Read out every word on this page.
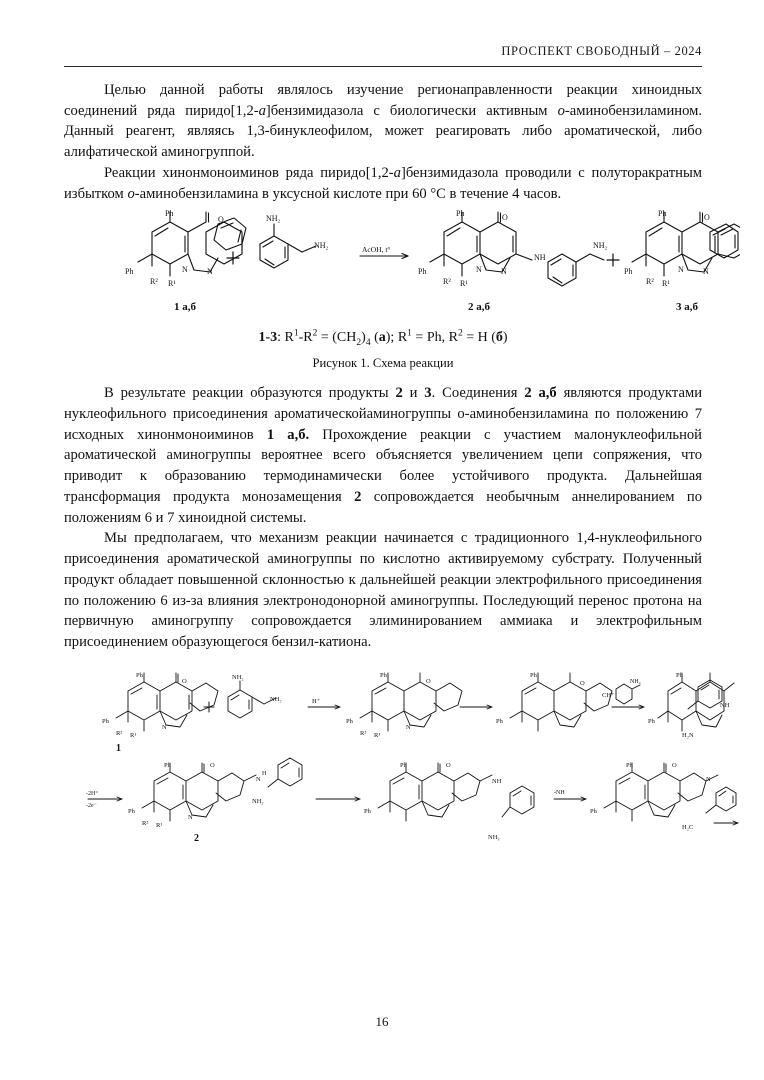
ПРОСПЕКТ СВОБОДНЫЙ – 2024

Целью данной работы являлось изучение регионаправленности реакции хиноидных соединений ряда пиридо[1,2-a]бензимидазола с биологически активным о-аминобензиламином. Данный реагент, являясь 1,3-бинуклеофилом, может реагировать либо ароматической, либо алифатической аминогруппой.

Реакции хинонмоноиминов ряда пиридо[1,2-a]бензимидазола проводили с полуторакратным избытком о-аминобензиламина в уксусной кислоте при 60 °С в течение 4 часов.

Ph
Ph
R¹
R²
N N
O	NH₂
NH₂	AcOH, t°
Ph
Ph
R¹
R²
N N
O
NH
NH₂
Ph
Ph
R¹
R²
N N
O
1 а,б	2 а,б	3 а,б

1-3: $R^1-R^2 = (CH_2)_4$ (а); $R^1 = Ph$, $R^2 = H$ (б)

Рисунок 1. Схема реакции

В результате реакции образуются продукты 2 и 3. Соединения 2 а,б являются продуктами нуклеофильного присоединения ароматическойаминогруппы о-аминобензиламина по положению 7 исходных хинонмоноиминов 1 а,б. Прохождение реакции с участием малонуклеофильной ароматической аминогруппы вероятнее всего объясняется увеличением цепи сопряжения, что приводит к образованию термодинамически более устойчивого продукта. Дальнейшая трансформация продукта монозамещения 2 сопровождается необычным аннелированием по положениям 6 и 7 хиноидной системы.

Мы предполагаем, что механизм реакции начинается с традиционного 1,4-нуклеофильного присоединения ароматической аминогруппы по кислотно активируемому субстрату. Полученный продукт обладает повышенной склонностью к дальнейшей реакции электрофильного присоединения по положению 6 из-за влияния электронодонорной аминогруппы. Последующий перенос протона на первичную аминогруппу сопровождается элиминированием аммиака и электрофильным присоединением образующегося бензил-катиона.

Ph
Ph
R¹
R²
N
O
1
NH₂
NH₂	H⁺
Ph
Ph
R¹
R²
N
O
Ph
Ph
O
CH⁺
NH₂
Ph
Ph
NH
H₂N
-2H⁺
-2e⁻
Ph
Ph
R¹
R²
N
O
N
H
NH₂
2
Ph
Ph
O
NH
NH₃
-NH
Ph
Ph
O
N
H₂C
16
